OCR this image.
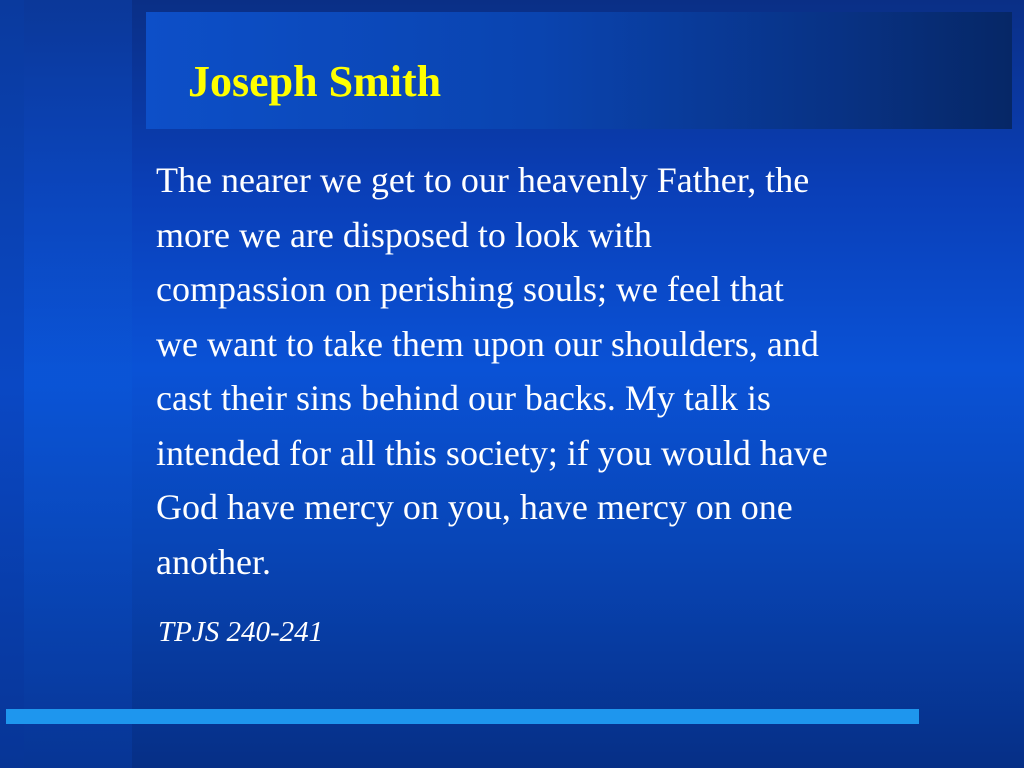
Joseph Smith

The nearer we get to our heavenly Father, the
more we are disposed to look with
compassion on perishing souls; we feel that
we want to take them upon our shoulders, and
cast their sins behind our backs. My talk is
intended for all this society; if you would have
God have mercy on you, have mercy on one
another.

TPJS 240-241
